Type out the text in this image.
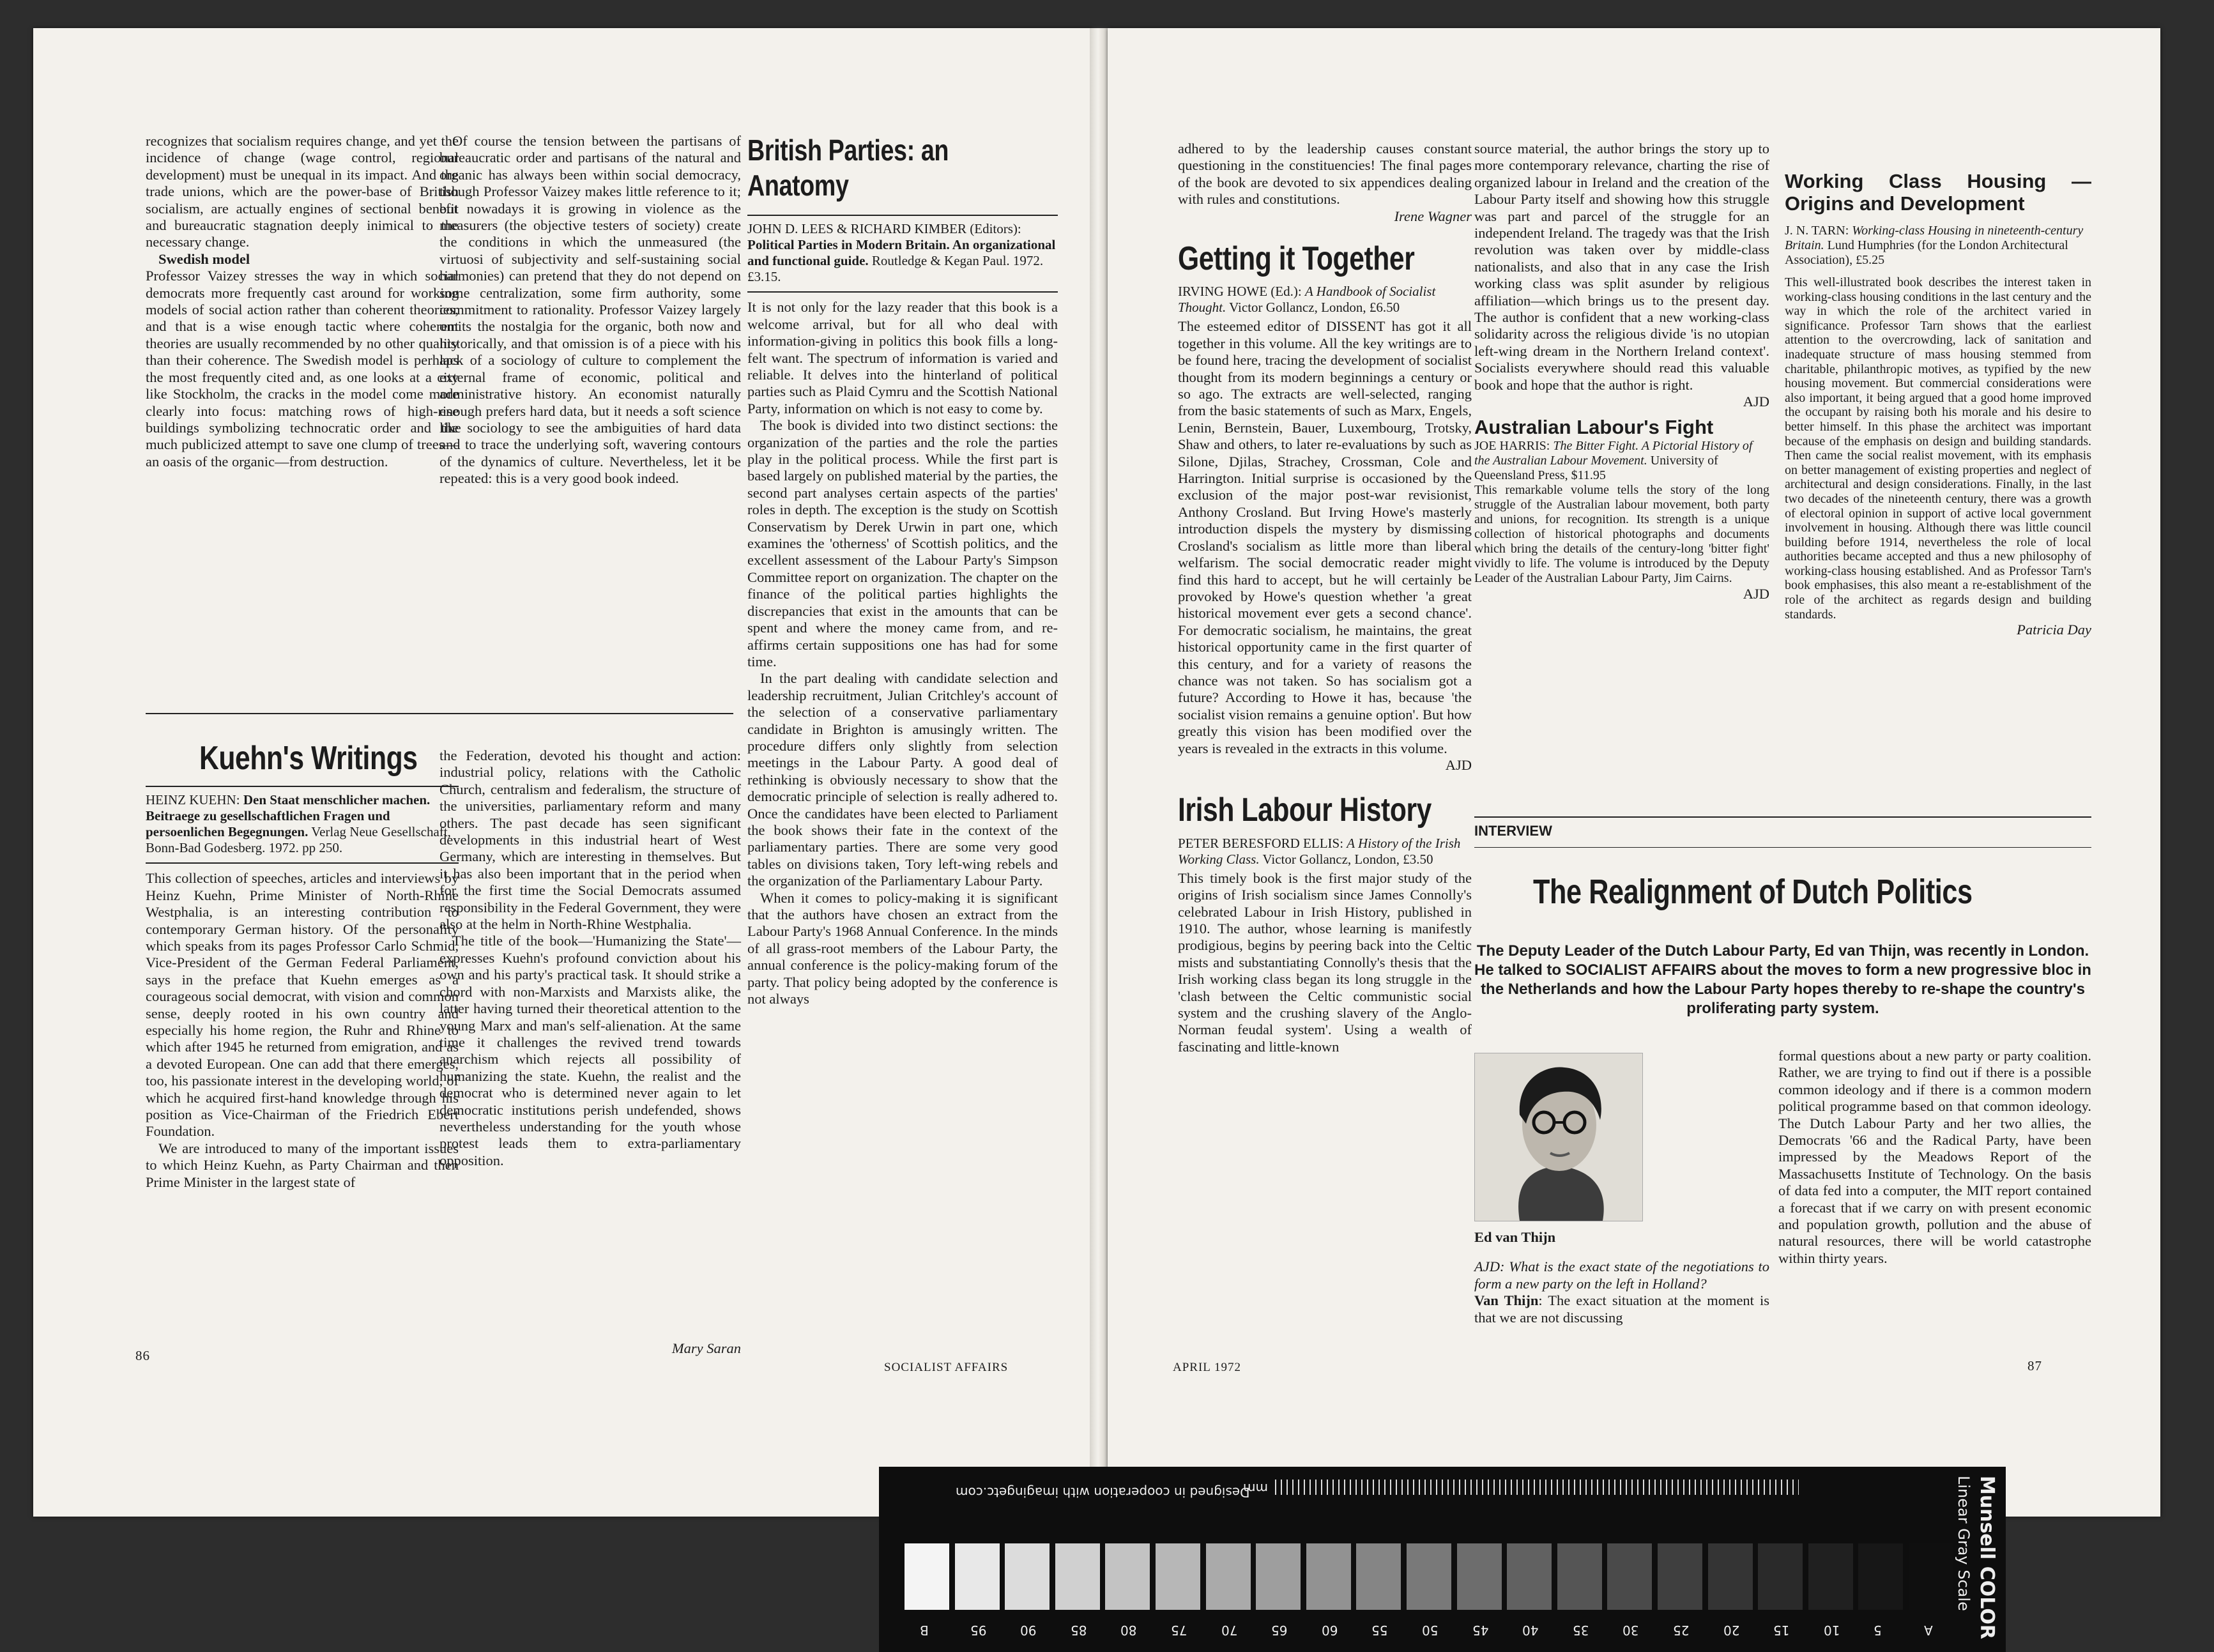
recognizes that socialism requires change, and yet the incidence of change (wage control, regional development) must be unequal in its impact. And the trade unions, which are the power-base of British socialism, are actually engines of sectional benefit and bureaucratic stagnation deeply inimical to the necessary change.

Swedish model

Professor Vaizey stresses the way in which social democrats more frequently cast around for working models of social action rather than coherent theories, and that is a wise enough tactic where coherent theories are usually recommended by no other quality than their coherence. The Swedish model is perhaps the most frequently cited and, as one looks at a city like Stockholm, the cracks in the model come more clearly into focus: matching rows of high-rise buildings symbolizing technocratic order and the much publicized attempt to save one clump of trees—an oasis of the organic—from destruction.

Of course the tension between the partisans of bureaucratic order and partisans of the natural and organic has always been within social democracy, though Professor Vaizey makes little reference to it; but nowadays it is growing in violence as the measurers (the objective testers of society) create the conditions in which the unmeasured (the virtuosi of subjectivity and self-sustaining social harmonies) can pretend that they do not depend on some centralization, some firm authority, some commitment to rationality. Professor Vaizey largely omits the nostalgia for the organic, both now and historically, and that omission is of a piece with his lack of a sociology of culture to complement the external frame of economic, political and administrative history. An economist naturally enough prefers hard data, but it needs a soft science like sociology to see the ambiguities of hard data and to trace the underlying soft, wavering contours of the dynamics of culture. Nevertheless, let it be repeated: this is a very good book indeed.

British Parties: an
Anatomy
JOHN D. LEES & RICHARD KIMBER (Editors): Political Parties in Modern Britain. An organizational and functional guide. Routledge & Kegan Paul. 1972. £3.15.

It is not only for the lazy reader that this book is a welcome arrival, but for all who deal with information-giving in politics this book fills a long-felt want. The spectrum of information is varied and reliable. It delves into the hinterland of political parties such as Plaid Cymru and the Scottish National Party, information on which is not easy to come by.

The book is divided into two distinct sections: the organization of the parties and the role the parties play in the political process. While the first part is based largely on published material by the parties, the second part analyses certain aspects of the parties' roles in depth. The exception is the study on Scottish Conservatism by Derek Urwin in part one, which examines the 'otherness' of Scottish politics, and the excellent assessment of the Labour Party's Simpson Committee report on organization. The chapter on the finance of the political parties highlights the discrepancies that exist in the amounts that can be spent and where the money came from, and re-affirms certain suppositions one has had for some time.

In the part dealing with candidate selection and leadership recruitment, Julian Critchley's account of the selection of a conservative parliamentary candidate in Brighton is amusingly written. The procedure differs only slightly from selection meetings in the Labour Party. A good deal of rethinking is obviously necessary to show that the democratic principle of selection is really adhered to. Once the candidates have been elected to Parliament the book shows their fate in the context of the parliamentary parties. There are some very good tables on divisions taken, Tory left-wing rebels and the organization of the Parliamentary Labour Party.

When it comes to policy-making it is significant that the authors have chosen an extract from the Labour Party's 1968 Annual Conference. In the minds of all grass-root members of the Labour Party, the annual conference is the policy-making forum of the party. That policy being adopted by the conference is not always

Kuehn's Writings
HEINZ KUEHN: Den Staat menschlicher machen. Beitraege zu gesellschaftlichen Fragen und persoenlichen Begegnungen. Verlag Neue Gesellschaft, Bonn-Bad Godesberg. 1972. pp 250.

This collection of speeches, articles and interviews by Heinz Kuehn, Prime Minister of North-Rhine Westphalia, is an interesting contribution to contemporary German history. Of the personality which speaks from its pages Professor Carlo Schmid, Vice-President of the German Federal Parliament, says in the preface that Kuehn emerges as a courageous social democrat, with vision and common sense, deeply rooted in his own country and especially his home region, the Ruhr and Rhine to which after 1945 he returned from emigration, and as a devoted European. One can add that there emerges, too, his passionate interest in the developing world, of which he acquired first-hand knowledge through his position as Vice-Chairman of the Friedrich Ebert Foundation.

We are introduced to many of the important issues to which Heinz Kuehn, as Party Chairman and then Prime Minister in the largest state of

the Federation, devoted his thought and action: industrial policy, relations with the Catholic Church, centralism and federalism, the structure of the universities, parliamentary reform and many others. The past decade has seen significant developments in this industrial heart of West Germany, which are interesting in themselves. But it has also been important that in the period when for the first time the Social Democrats assumed responsibility in the Federal Government, they were also at the helm in North-Rhine Westphalia.

The title of the book—'Humanizing the State'—expresses Kuehn's profound conviction about his own and his party's practical task. It should strike a chord with non-Marxists and Marxists alike, the latter having turned their theoretical attention to the young Marx and man's self-alienation. At the same time it challenges the revived trend towards anarchism which rejects all possibility of humanizing the state. Kuehn, the realist and the democrat who is determined never again to let democratic institutions perish undefended, shows nevertheless understanding for the youth whose protest leads them to extra-parliamentary opposition.

Mary Saran
86
SOCIALIST AFFAIRS

adhered to by the leadership causes constant questioning in the constituencies! The final pages of the book are devoted to six appendices dealing with rules and constitutions.

Irene Wagner

Getting it Together
IRVING HOWE (Ed.): A Handbook of Socialist Thought. Victor Gollancz, London, £6.50

The esteemed editor of DISSENT has got it all together in this volume. All the key writings are to be found here, tracing the development of socialist thought from its modern beginnings a century or so ago. The extracts are well-selected, ranging from the basic statements of such as Marx, Engels, Lenin, Bernstein, Bauer, Luxembourg, Trotsky, Shaw and others, to later re-evaluations by such as Silone, Djilas, Strachey, Crossman, Cole and Harrington. Initial surprise is occasioned by the exclusion of the major post-war revisionist, Anthony Crosland. But Irving Howe's masterly introduction dispels the mystery by dismissing Crosland's socialism as little more than liberal welfarism. The social democratic reader might find this hard to accept, but he will certainly be provoked by Howe's question whether 'a great historical movement ever gets a second chance'. For democratic socialism, he maintains, the great historical opportunity came in the first quarter of this century, and for a variety of reasons the chance was not taken. So has socialism got a future? According to Howe it has, because 'the socialist vision remains a genuine option'. But how greatly this vision has been modified over the years is revealed in the extracts in this volume.

AJD

Irish Labour History
PETER BERESFORD ELLIS: A History of the Irish Working Class. Victor Gollancz, London, £3.50

This timely book is the first major study of the origins of Irish socialism since James Connolly's celebrated Labour in Irish History, published in 1910. The author, whose learning is manifestly prodigious, begins by peering back into the Celtic mists and substantiating Connolly's thesis that the Irish working class began its long struggle in the 'clash between the Celtic communistic social system and the crushing slavery of the Anglo-Norman feudal system'. Using a wealth of fascinating and little-known

source material, the author brings the story up to more contemporary relevance, charting the rise of organized labour in Ireland and the creation of the Labour Party itself and showing how this struggle was part and parcel of the struggle for an independent Ireland. The tragedy was that the Irish revolution was taken over by middle-class nationalists, and also that in any case the Irish working class was split asunder by religious affiliation—which brings us to the present day. The author is confident that a new working-class solidarity across the religious divide 'is no utopian left-wing dream in the Northern Ireland context'. Socialists everywhere should read this valuable book and hope that the author is right.

AJD

Australian Labour's Fight
JOE HARRIS: The Bitter Fight. A Pictorial History of the Australian Labour Movement. University of Queensland Press, $11.95

This remarkable volume tells the story of the long struggle of the Australian labour movement, both party and unions, for recognition. Its strength is a unique collection of historical photographs and documents which bring the details of the century-long 'bitter fight' vividly to life. The volume is introduced by the Deputy Leader of the Australian Labour Party, Jim Cairns.

AJD

Working Class Housing — Origins and Development
J. N. TARN: Working-class Housing in nineteenth-century Britain. Lund Humphries (for the London Architectural Association), £5.25

This well-illustrated book describes the interest taken in working-class housing conditions in the last century and the way in which the role of the architect varied in significance. Professor Tarn shows that the earliest attention to the overcrowding, lack of sanitation and inadequate structure of mass housing stemmed from charitable, philanthropic motives, as typified by the new housing movement. But commercial considerations were also important, it being argued that a good home improved the occupant by raising both his morale and his desire to better himself. In this phase the architect was important because of the emphasis on design and building standards. Then came the social realist movement, with its emphasis on better management of existing properties and neglect of architectural and design considerations. Finally, in the last two decades of the nineteenth century, there was a growth of electoral opinion in support of active local government involvement in housing. Although there was little council building before 1914, nevertheless the role of local authorities became accepted and thus a new philosophy of working-class housing established. And as Professor Tarn's book emphasises, this also meant a re-establishment of the role of the architect as regards design and building standards.

Patricia Day

INTERVIEW
The Realignment of Dutch Politics
The Deputy Leader of the Dutch Labour Party, Ed van Thijn, was recently in London. He talked to SOCIALIST AFFAIRS about the moves to form a new progressive bloc in the Netherlands and how the Labour Party hopes thereby to re-shape the country's proliferating party system.

Ed van Thijn

AJD: What is the exact state of the negotiations to form a new party on the left in Holland?

Van Thijn: The exact situation at the moment is that we are not discussing

formal questions about a new party or party coalition. Rather, we are trying to find out if there is a possible common ideology and if there is a common modern political programme based on that common ideology. The Dutch Labour Party and her two allies, the Democrats '66 and the Radical Party, have been impressed by the Meadows Report of the Massachusetts Institute of Technology. On the basis of data fed into a computer, the MIT report contained a forecast that if we carry on with present economic and population growth, pollution and the abuse of natural resources, there will be world catastrophe within thirty years.

APRIL 1972	87
Designed in cooperation with imagingetc.com
mm
B	95	90	85	80	75	70	65	60	55	50	45	40	35	30	25	20	15	10	5	A Munsell COLOR
Linear Gray Scale
